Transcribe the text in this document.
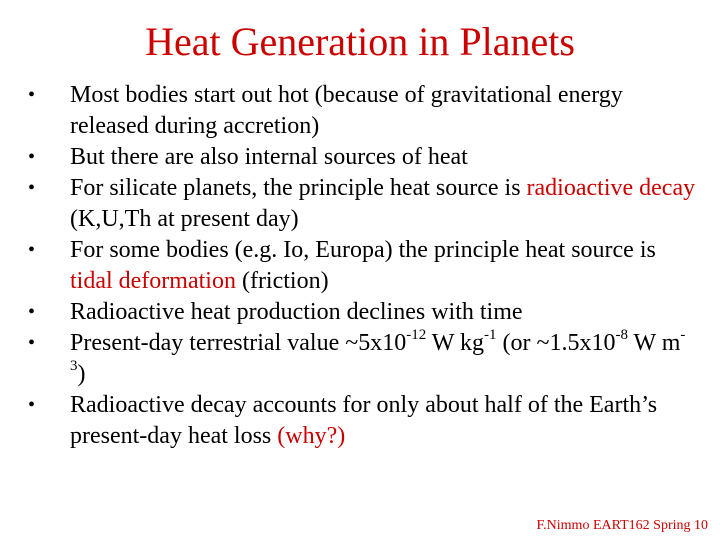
Heat Generation in Planets
• Most bodies start out hot (because of gravitational energy released during accretion)
• But there are also internal sources of heat
• For silicate planets, the principle heat source is radioactive decay (K,U,Th at present day)
• For some bodies (e.g. Io, Europa) the principle heat source is tidal deformation (friction)
• Radioactive heat production declines with time
• Present-day terrestrial value $\sim 5x10^{-12}$ W $kg^{-1}$ (or $\sim 1.5x10^{-8}$ W $m^{-3}$)
• Radioactive decay accounts for only about half of the Earth’s present-day heat loss (why?)
F.Nimmo EART162 Spring 10
